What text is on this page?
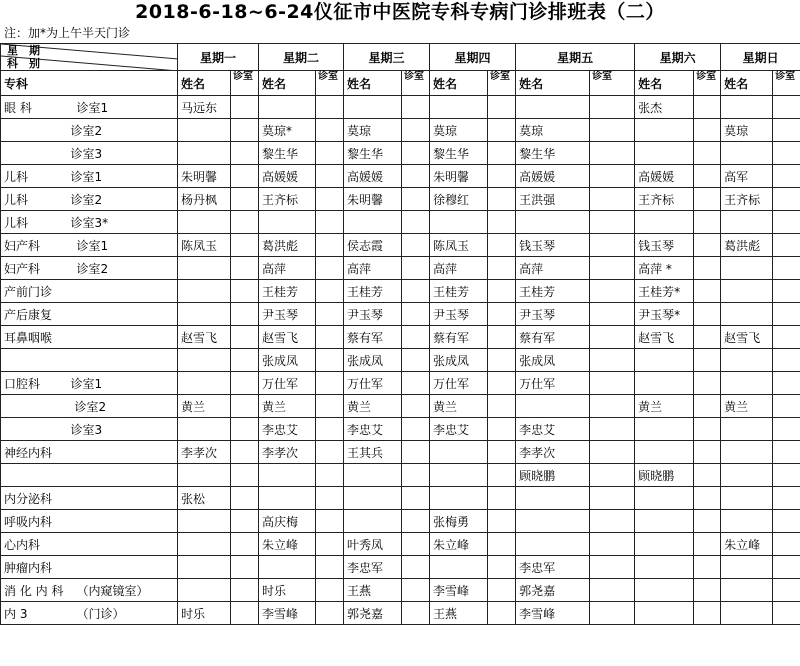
2018-6-18~6-24仪征市中医院专科专病门诊排班表（二）
注：加*为上午半天门诊
星　期
科　别		星期一		星期二		星期三		星期四		星期五		星期六		星期日	
专科		姓名	诊室	姓名	诊室	姓名	诊室	姓名	诊室	姓名	诊室	姓名	诊室	姓名	诊室
眼 科	诊室1	马远东										张杰			
	诊室2			莫琼*		莫琼		莫琼		莫琼				莫琼	
	诊室3			黎生华		黎生华		黎生华		黎生华					
儿科	诊室1	朱明馨		高媛媛		高媛媛		朱明馨		高媛媛		高媛媛		高军	
儿科	诊室2	杨丹枫		王齐标		朱明馨		徐穆红		王洪强		王齐标		王齐标	
儿科	诊室3*														
妇产科	诊室1	陈凤玉		葛洪彪		侯志霞		陈凤玉		钱玉琴		钱玉琴		葛洪彪	
妇产科	诊室2			高萍		高萍		高萍		高萍		高萍 *			
产前门诊				王桂芳		王桂芳		王桂芳		王桂芳		王桂芳*			
产后康复				尹玉琴		尹玉琴		尹玉琴		尹玉琴		尹玉琴*			
耳鼻咽喉		赵雪飞		赵雪飞		蔡有军		蔡有军		蔡有军		赵雪飞		赵雪飞	
				张成凤		张成凤		张成凤		张成凤					
口腔科	诊室1			万仕军		万仕军		万仕军		万仕军					
	诊室2	黄兰		黄兰		黄兰		黄兰				黄兰		黄兰	
	诊室3			李忠艾		李忠艾		李忠艾		李忠艾					
神经内科		李孝次		李孝次		王其兵				李孝次					
										顾晓鹏		顾晓鹏			
内分泌科		张松													
呼吸内科				高庆梅				张梅勇							
心内科				朱立峰		叶秀凤		朱立峰						朱立峰	
肿瘤内科						李忠军				李忠军					
消 化 内 科	（内窥镜室）			时乐		王燕		李雪峰		郭尧嘉					
内 3	（门诊）	时乐		李雪峰		郭尧嘉		王燕		李雪峰					
